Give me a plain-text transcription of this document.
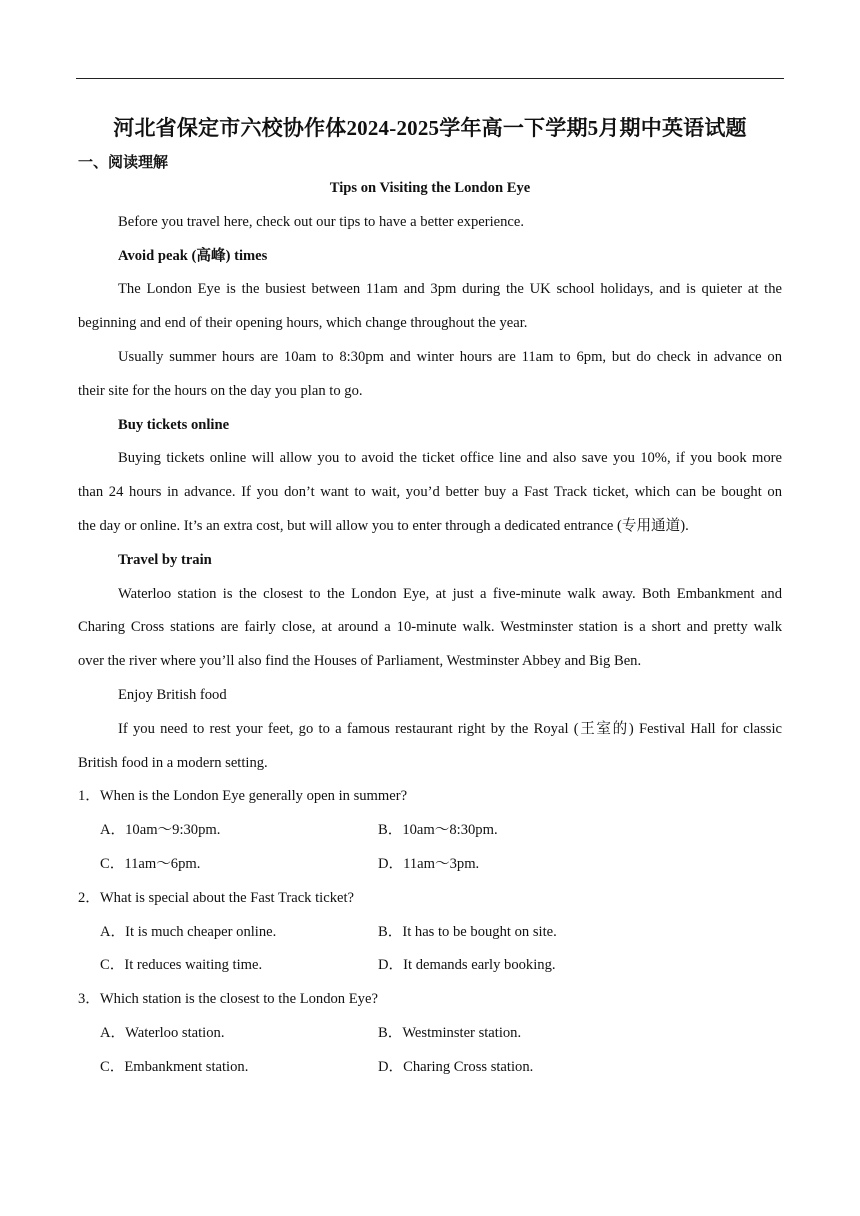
河北省保定市六校协作体2024-2025学年高一下学期5月期中英语试题
一、阅读理解
Tips on Visiting the London Eye
Before you travel here, check out our tips to have a better experience.
Avoid peak (高峰) times
The London Eye is the busiest between 11am and 3pm during the UK school holidays, and is quieter at the
beginning and end of their opening hours, which change throughout the year.
Usually summer hours are 10am to 8:30pm and winter hours are 11am to 6pm, but do check in advance on
their site for the hours on the day you plan to go.
Buy tickets online
Buying tickets online will allow you to avoid the ticket office line and also save you 10%, if you book more
than 24 hours in advance. If you don’t want to wait, you’d better buy a Fast Track ticket, which can be bought on
the day or online. It’s an extra cost, but will allow you to enter through a dedicated entrance (专用通道).
Travel by train
Waterloo station is the closest to the London Eye, at just a five-minute walk away. Both Embankment and
Charing Cross stations are fairly close, at around a 10-minute walk. Westminster station is a short and pretty walk
over the river where you’ll also find the Houses of Parliament, Westminster Abbey and Big Ben.
Enjoy British food
If you need to rest your feet, go to a famous restaurant right by the Royal (王室的) Festival Hall for classic
British food in a modern setting.
1．When is the London Eye generally open in summer?
A．10am～9:30pm.	B．10am～8:30pm.
C．11am～6pm.	D．11am～3pm.
2．What is special about the Fast Track ticket?
A．It is much cheaper online.	B．It has to be bought on site.
C．It reduces waiting time.	D．It demands early booking.
3．Which station is the closest to the London Eye?
A．Waterloo station.	B．Westminster station.
C．Embankment station.	D．Charing Cross station.
